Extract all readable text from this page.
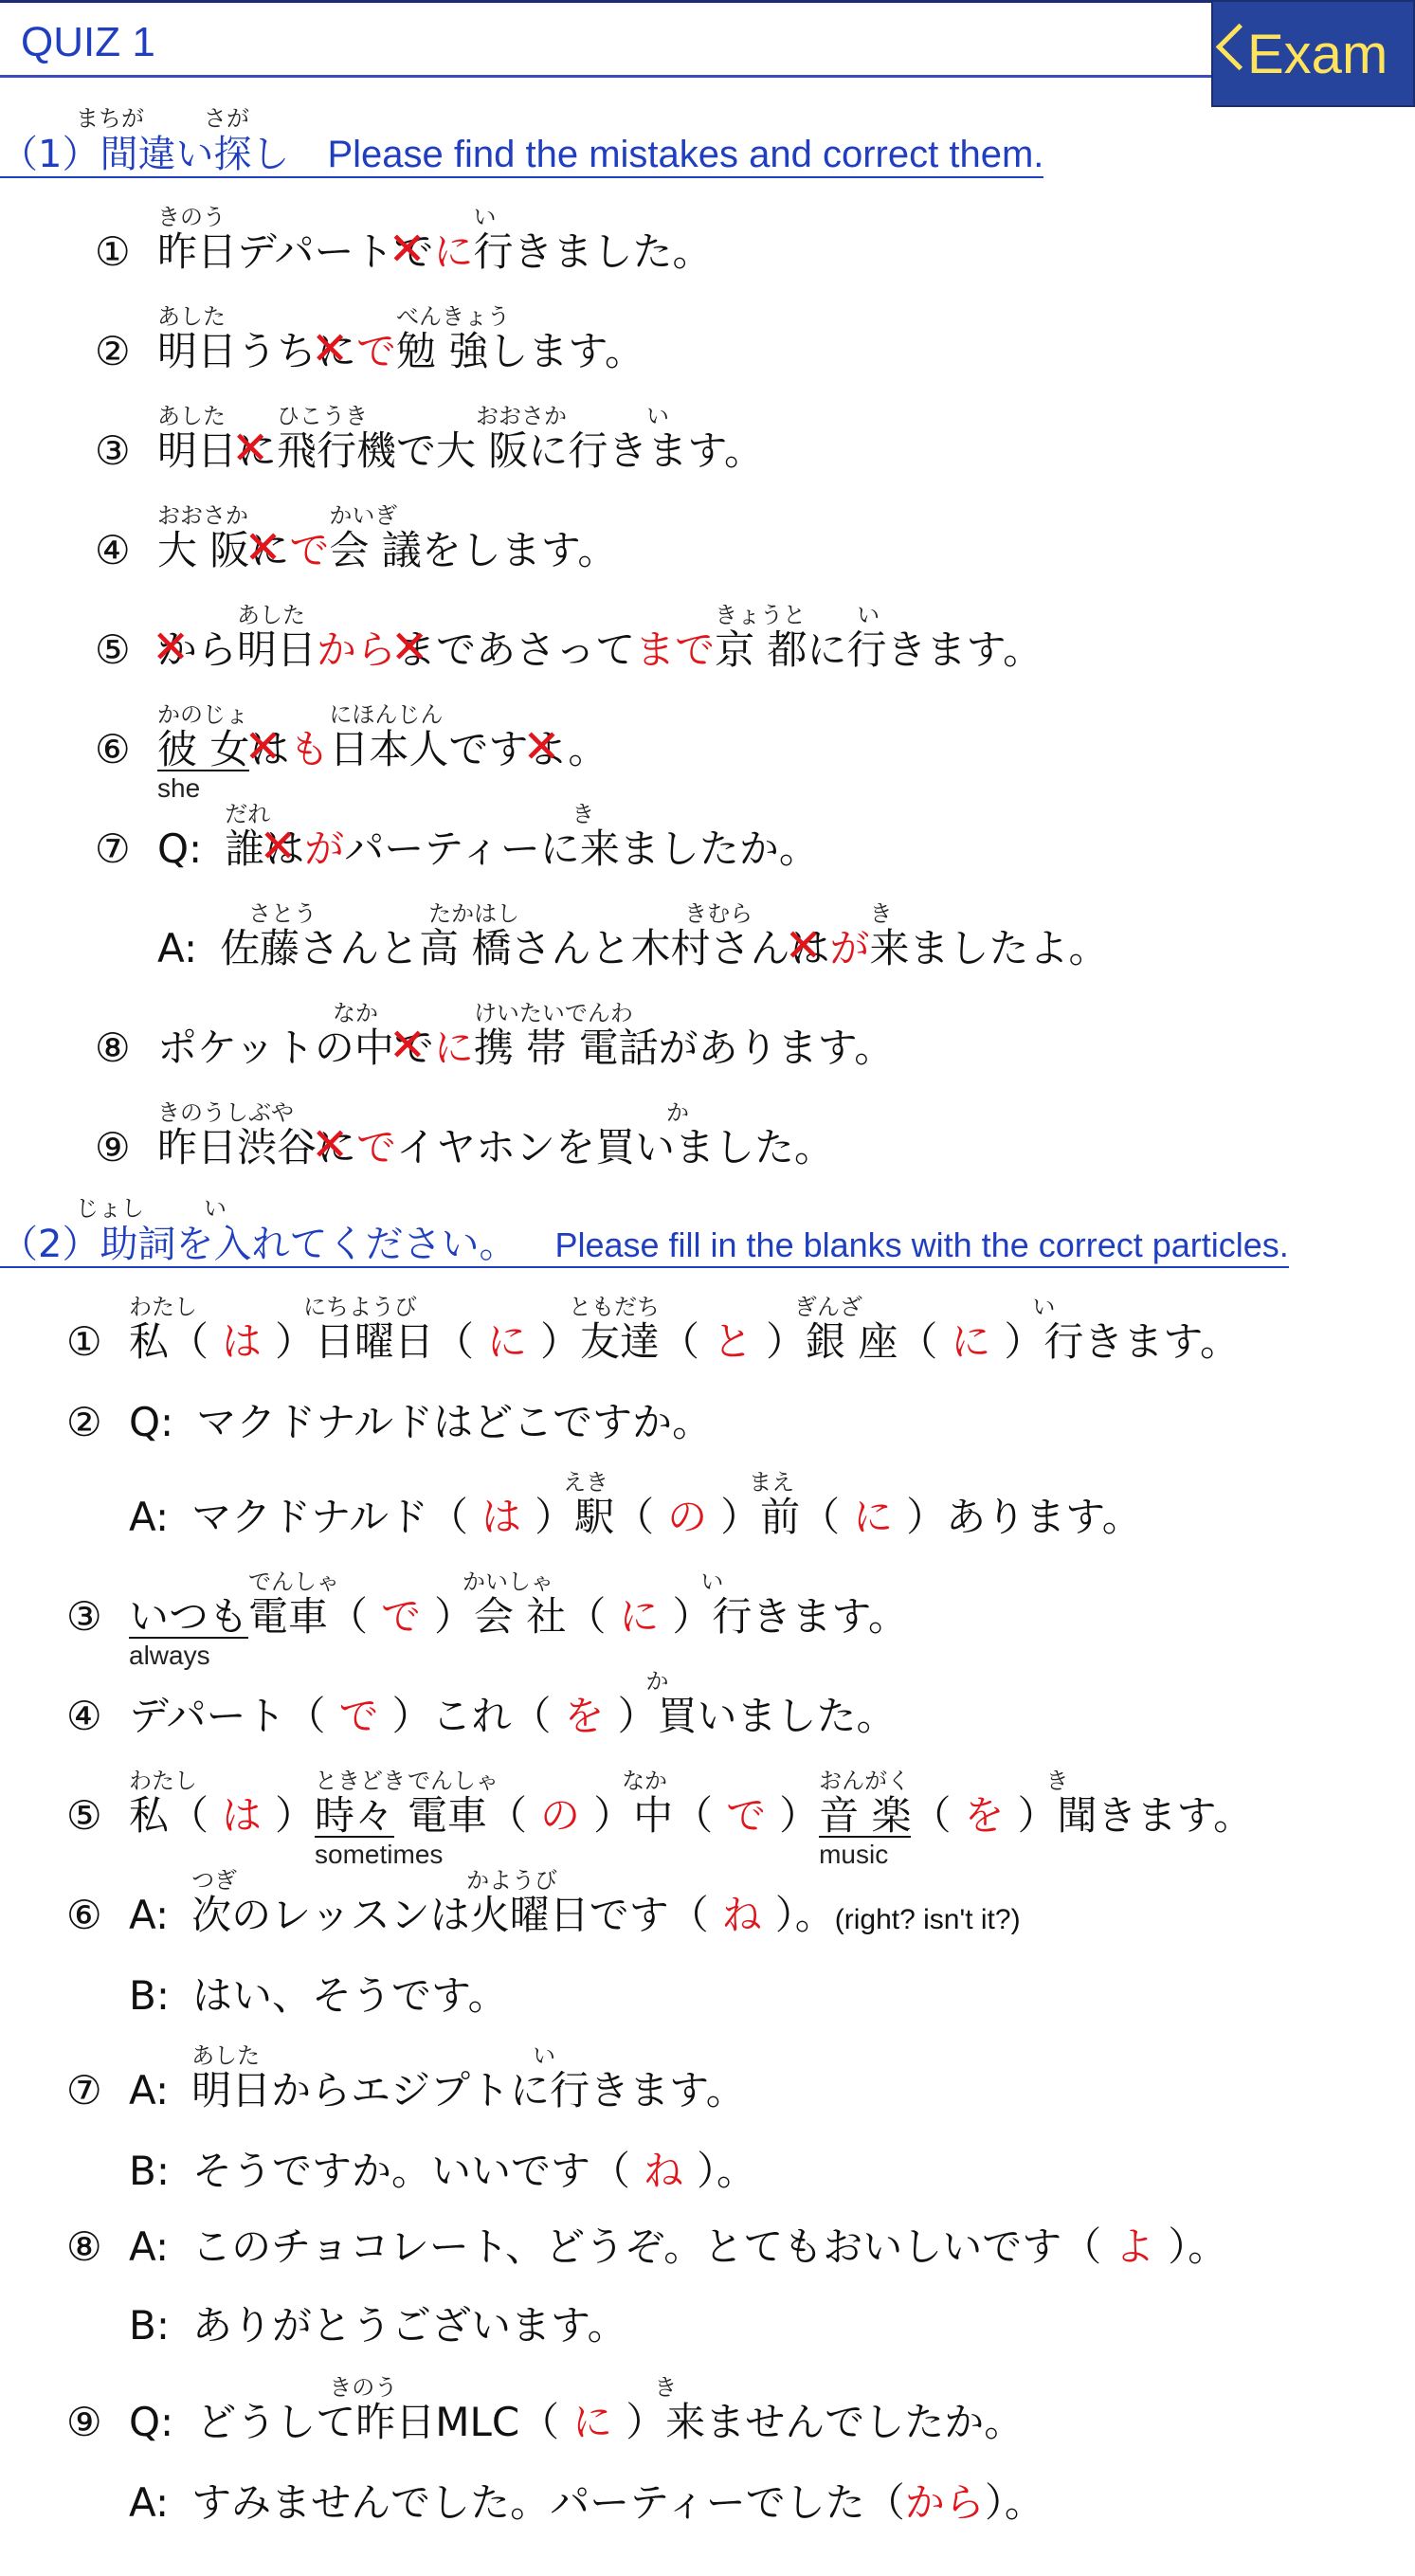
QUIZ 1	Exam
まちが	さが
（1）間違い探し Please find the mistakes and correct them.
①
きのう
昨日デパートで ✕に
い
行きました。
②
あした
明日うちに ✕で
べんきょう
勉 強します。
③
あした
明日に ✕
ひこうき	おおさか	い
飛行機で大 阪に行きます。
④
おおさか
大 阪に ✕で
かいぎ
会 議をします。
⑤ から ✕
あした
明日からま ✕であさってまで
きょうと い
京 都に行きます。
⑥
かのじょ
彼 女
she
は ✕も
にほんじん
日本人ですよ ✕。
⑦ Q:
だれ
誰は ✕が
き
パーティーに来ましたか。
A:
さとう	たかはし	きむら
佐藤さんと高 橋さんと木村さんは ✕が
き
来ましたよ。
⑧
なか
ポケットの中で ✕に
けいたいでんわ
携 帯 電話があります。
⑨
きのうしぶや
昨日渋谷に ✕で
か
イヤホンを買いました。
じょし	い
（2）助詞を入れてください。 Please fill in the blanks with the correct particles.
①
わたし
私（ は
にちようび
）日曜日（ に
ともだち
）友達（ と
ぎんざ
）銀 座（ に
い
）行きます。
② Q: マクドナルドはどこですか。
A: マクドナルド（ は
えき
）駅（ の
まえ
）前（ に ）あります。
③ いつも
always
でんしゃ
電車（ で
かいしゃ
）会 社（ に
い
）行きます。
④ デパート（ で ）これ（ を
か
）買いました。
⑤
わたし
私（ は ）
ときどき
時々
sometimes
でんしゃ
電車（ の
なか
）中（ で ）
おんがく
音 楽
music
（ を
き
）聞きます。
⑥ A:
つぎ	かようび
次のレッスンは火曜日です（ ね ）。(right? isn't it?)
B: はい、そうです。
⑦ A:
あした	い
明日からエジプトに行きます。
B: そうですか。いいです（ ね ）。
⑧ A: このチョコレート、どうぞ。とてもおいしいです（ よ ）。
B: ありがとうございます。
⑨ Q:
きのう
どうして昨日MLC（ に
き
）来ませんでしたか。
A: すみませんでした。パーティーでした（から）。
